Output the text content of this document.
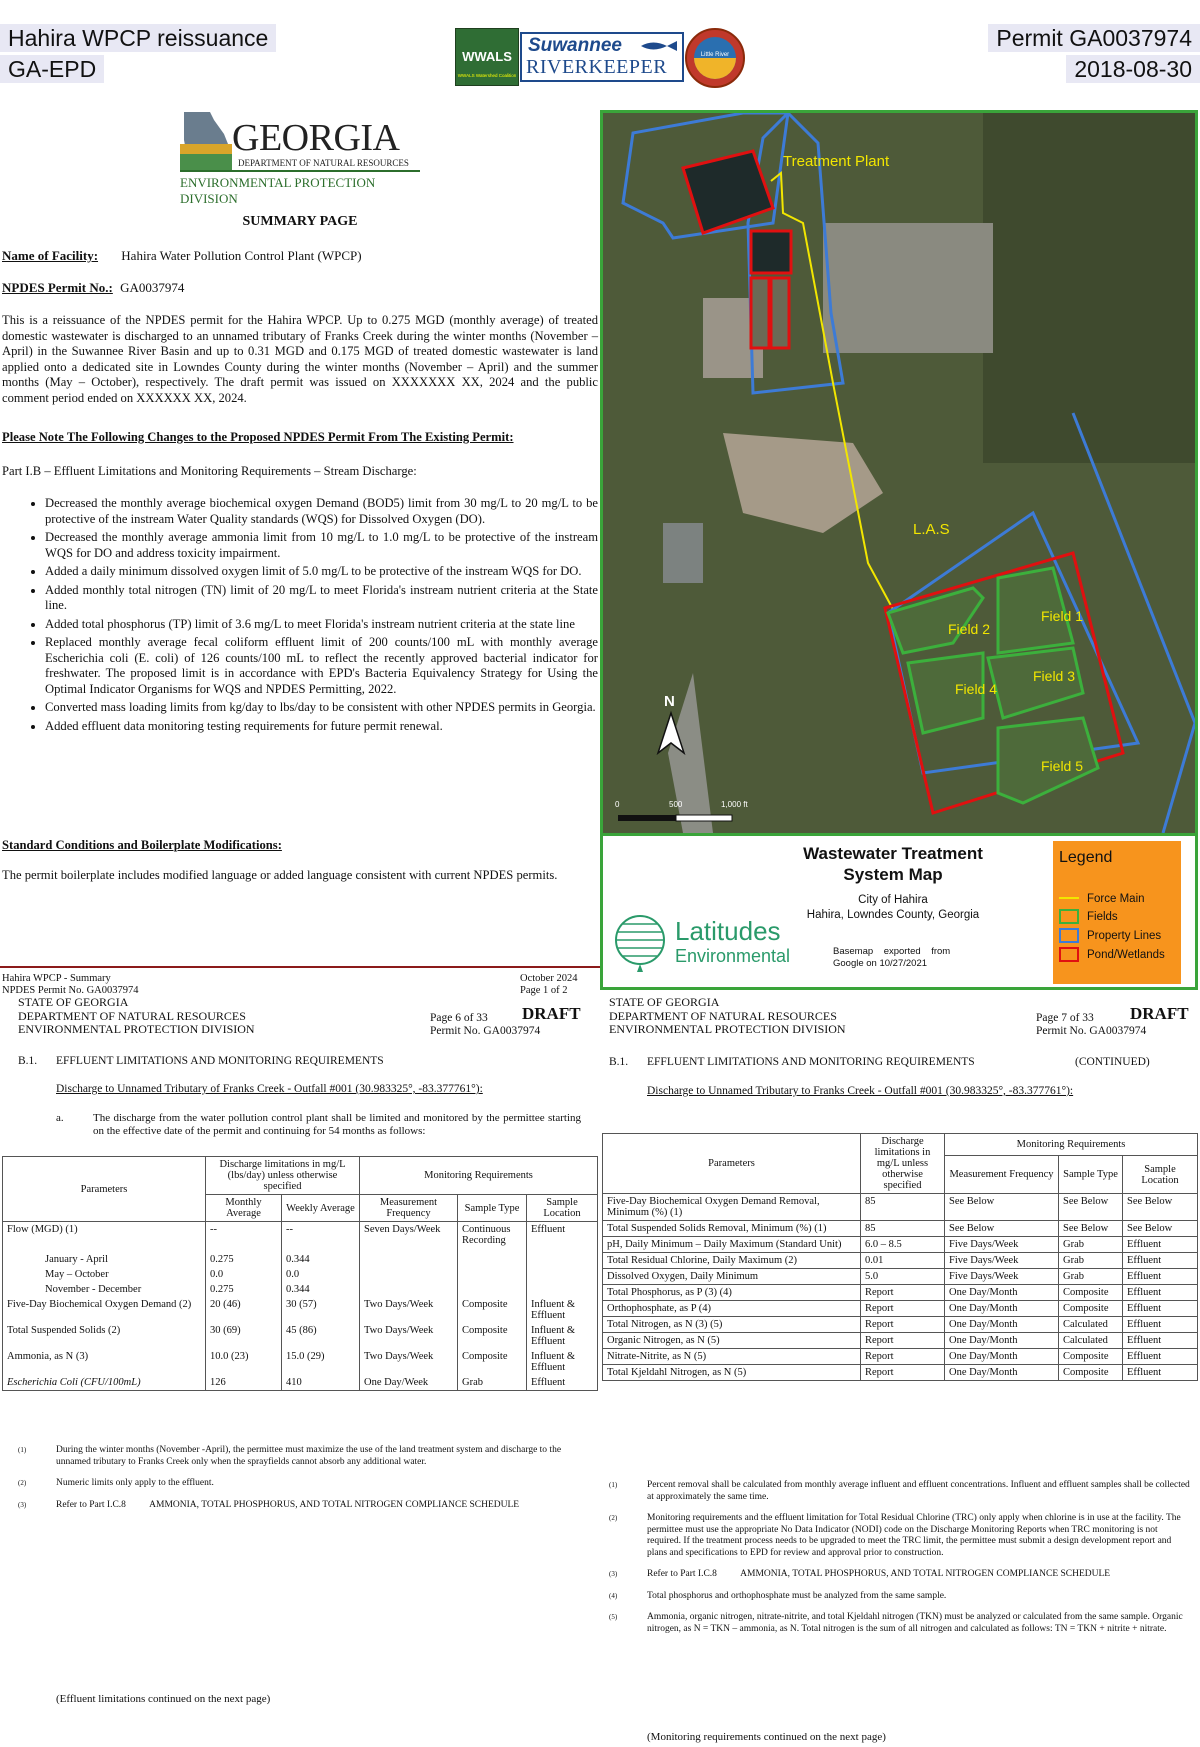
Hahira WPCP reissuance
GA-EPD
Permit GA0037974
2018-08-30
WWALS
WWALS Watershed Coalition
Suwannee
RIVERKEEPER
Little River
GEORGIA
DEPARTMENT OF NATURAL RESOURCES
ENVIRONMENTAL PROTECTION DIVISION
SUMMARY PAGE
Name of Facility: Hahira Water Pollution Control Plant (WPCP)
NPDES Permit No.: GA0037974

This is a reissuance of the NPDES permit for the Hahira WPCP. Up to 0.275 MGD (monthly average) of treated domestic wastewater is discharged to an unnamed tributary of Franks Creek during the winter months (November – April) in the Suwannee River Basin and up to 0.31 MGD and 0.175 MGD of treated domestic wastewater is land applied onto a dedicated site in Lowndes County during the winter months (November – April) and the summer months (May – October), respectively. The draft permit was issued on XXXXXXX XX, 2024 and the public comment period ended on XXXXXX XX, 2024.

Please Note The Following Changes to the Proposed NPDES Permit From The Existing Permit:
Part I.B – Effluent Limitations and Monitoring Requirements – Stream Discharge:
• Decreased the monthly average biochemical oxygen Demand (BOD5) limit from 30 mg/L to 20 mg/L to be protective of the instream Water Quality standards (WQS) for Dissolved Oxygen (DO).
• Decreased the monthly average ammonia limit from 10 mg/L to 1.0 mg/L to be protective of the instream WQS for DO and address toxicity impairment.
• Added a daily minimum dissolved oxygen limit of 5.0 mg/L to be protective of the instream WQS for DO.
• Added monthly total nitrogen (TN) limit of 20 mg/L to meet Florida's instream nutrient criteria at the State line.
• Added total phosphorus (TP) limit of 3.6 mg/L to meet Florida's instream nutrient criteria at the state line
• Replaced monthly average fecal coliform effluent limit of 200 counts/100 mL with monthly average Escherichia coli (E. coli) of 126 counts/100 mL to reflect the recently approved bacterial indicator for freshwater. The proposed limit is in accordance with EPD's Bacteria Equivalency Strategy for Using the Optimal Indicator Organisms for WQS and NPDES Permitting, 2022.
• Converted mass loading limits from kg/day to lbs/day to be consistent with other NPDES permits in Georgia.
• Added effluent data monitoring testing requirements for future permit renewal.
Standard Conditions and Boilerplate Modifications:

The permit boilerplate includes modified language or added language consistent with current NPDES permits.

Hahira WPCP - Summary
NPDES Permit No. GA0037974
October 2024
Page 1 of 2
Treatment Plant
L.A.S
Field 1
Field 2
Field 3
Field 4
Field 5
N
0	500	1,000 ft
Wastewater Treatment
System Map
City of Hahira
Hahira, Lowndes County, Georgia
Basemap    exported    from
Google on 10/27/2021
Latitudes
Environmental
Legend
Force Main
Fields
Property Lines
Pond/Wetlands
STATE OF GEORGIA
DEPARTMENT OF NATURAL RESOURCES
ENVIRONMENTAL PROTECTION DIVISION
Page 6 of 33
Permit No. GA0037974
DRAFT
B.1. EFFLUENT LIMITATIONS AND MONITORING REQUIREMENTS
Discharge to Unnamed Tributary of Franks Creek - Outfall #001 (30.983325°, -83.377761°):
a.	The discharge from the water pollution control plant shall be limited and monitored by the permittee starting on the effective date of the permit and continuing for 54 months as follows:
Parameters	Discharge limitations in mg/L (lbs/day) unless otherwise specified		Monitoring Requirements		
	Monthly Average	Weekly Average	Measurement Frequency	Sample Type	Sample Location
Flow (MGD) (1)	--	--	Seven Days/Week	Continuous Recording	Effluent
January - April	0.275	0.344			
May – October	0.0	0.0			
November - December	0.275	0.344			
Five-Day Biochemical Oxygen Demand (2)	20 (46)	30 (57)	Two Days/Week	Composite	Influent & Effluent
Total Suspended Solids (2)	30 (69)	45 (86)	Two Days/Week	Composite	Influent & Effluent
Ammonia, as N (3)	10.0 (23)	15.0 (29)	Two Days/Week	Composite	Influent & Effluent
Escherichia Coli (CFU/100mL)	126	410	One Day/Week	Grab	Effluent
(1)	During the winter months (November -April), the permittee must maximize the use of the land treatment system and discharge to the unnamed tributary to Franks Creek only when the sprayfields cannot absorb any additional water.
(2)	Numeric limits only apply to the effluent.
(3)	Refer to Part I.C.8          AMMONIA, TOTAL PHOSPHORUS, AND TOTAL NITROGEN COMPLIANCE SCHEDULE
(Effluent limitations continued on the next page)
STATE OF GEORGIA
DEPARTMENT OF NATURAL RESOURCES
ENVIRONMENTAL PROTECTION DIVISION
Page 7 of 33
Permit No. GA0037974
DRAFT
B.1. EFFLUENT LIMITATIONS AND MONITORING REQUIREMENTS	(CONTINUED)
Discharge to Unnamed Tributary to Franks Creek - Outfall #001 (30.983325°, -83.377761°):
Parameters	Discharge limitations in mg/L unless otherwise specified	Monitoring Requirements		
		Measurement Frequency	Sample Type	Sample Location
Five-Day Biochemical Oxygen Demand Removal, Minimum (%) (1)	85	See Below	See Below	See Below
Total Suspended Solids Removal, Minimum (%) (1)	85	See Below	See Below	See Below
pH, Daily Minimum – Daily Maximum (Standard Unit)	6.0 – 8.5	Five Days/Week	Grab	Effluent
Total Residual Chlorine, Daily Maximum (2)	0.01	Five Days/Week	Grab	Effluent
Dissolved Oxygen, Daily Minimum	5.0	Five Days/Week	Grab	Effluent
Total Phosphorus, as P (3) (4)	Report	One Day/Month	Composite	Effluent
Orthophosphate, as P (4)	Report	One Day/Month	Composite	Effluent
Total Nitrogen, as N (3) (5)	Report	One Day/Month	Calculated	Effluent
Organic Nitrogen, as N (5)	Report	One Day/Month	Calculated	Effluent
Nitrate-Nitrite, as N (5)	Report	One Day/Month	Composite	Effluent
Total Kjeldahl Nitrogen, as N (5)	Report	One Day/Month	Composite	Effluent
(1)	Percent removal shall be calculated from monthly average influent and effluent concentrations. Influent and effluent samples shall be collected at approximately the same time.
(2)	Monitoring requirements and the effluent limitation for Total Residual Chlorine (TRC) only apply when chlorine is in use at the facility. The permittee must use the appropriate No Data Indicator (NODI) code on the Discharge Monitoring Reports when TRC monitoring is not required. If the treatment process needs to be upgraded to meet the TRC limit, the permittee must submit a design development report and plans and specifications to EPD for review and approval prior to construction.
(3)	Refer to Part I.C.8          AMMONIA, TOTAL PHOSPHORUS, AND TOTAL NITROGEN COMPLIANCE SCHEDULE
(4)	Total phosphorus and orthophosphate must be analyzed from the same sample.
(5)	Ammonia, organic nitrogen, nitrate-nitrite, and total Kjeldahl nitrogen (TKN) must be analyzed or calculated from the same sample. Organic nitrogen, as N = TKN – ammonia, as N. Total nitrogen is the sum of all nitrogen and calculated as follows: TN = TKN + nitrite + nitrate.
(Monitoring requirements continued on the next page)
